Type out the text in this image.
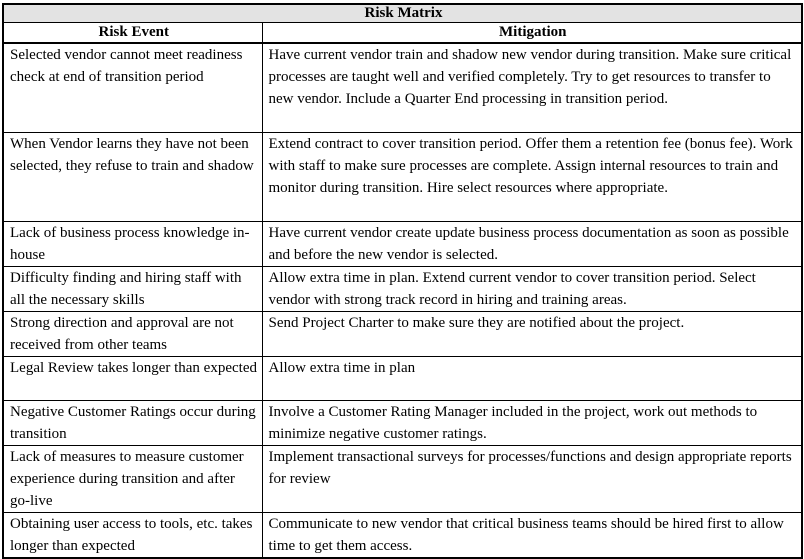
Risk Matrix	
Risk Event	Mitigation
Selected vendor cannot meet readiness check at end of transition period	Have current vendor train and shadow new vendor during transition. Make sure critical processes are taught well and verified completely. Try to get resources to transfer to new vendor. Include a Quarter End processing in transition period.
When Vendor learns they have not been selected, they refuse to train and shadow	Extend contract to cover transition period. Offer them a retention fee (bonus fee). Work with staff to make sure processes are complete. Assign internal resources to train and monitor during transition. Hire select resources where appropriate.
Lack of business process knowledge in-house	Have current vendor create update business process documentation as soon as possible and before the new vendor is selected.
Difficulty finding and hiring staff with all the necessary skills	Allow extra time in plan. Extend current vendor to cover transition period. Select vendor with strong track record in hiring and training areas.
Strong direction and approval are not received from other teams	Send Project Charter to make sure they are notified about the project.
Legal Review takes longer than expected	Allow extra time in plan
Negative Customer Ratings occur during transition	Involve a Customer Rating Manager included in the project, work out methods to minimize negative customer ratings.
Lack of measures to measure customer experience during transition and after go-live	Implement transactional surveys for processes/functions and design appropriate reports for review
Obtaining user access to tools, etc. takes longer than expected	Communicate to new vendor that critical business teams should be hired first to allow time to get them access.
